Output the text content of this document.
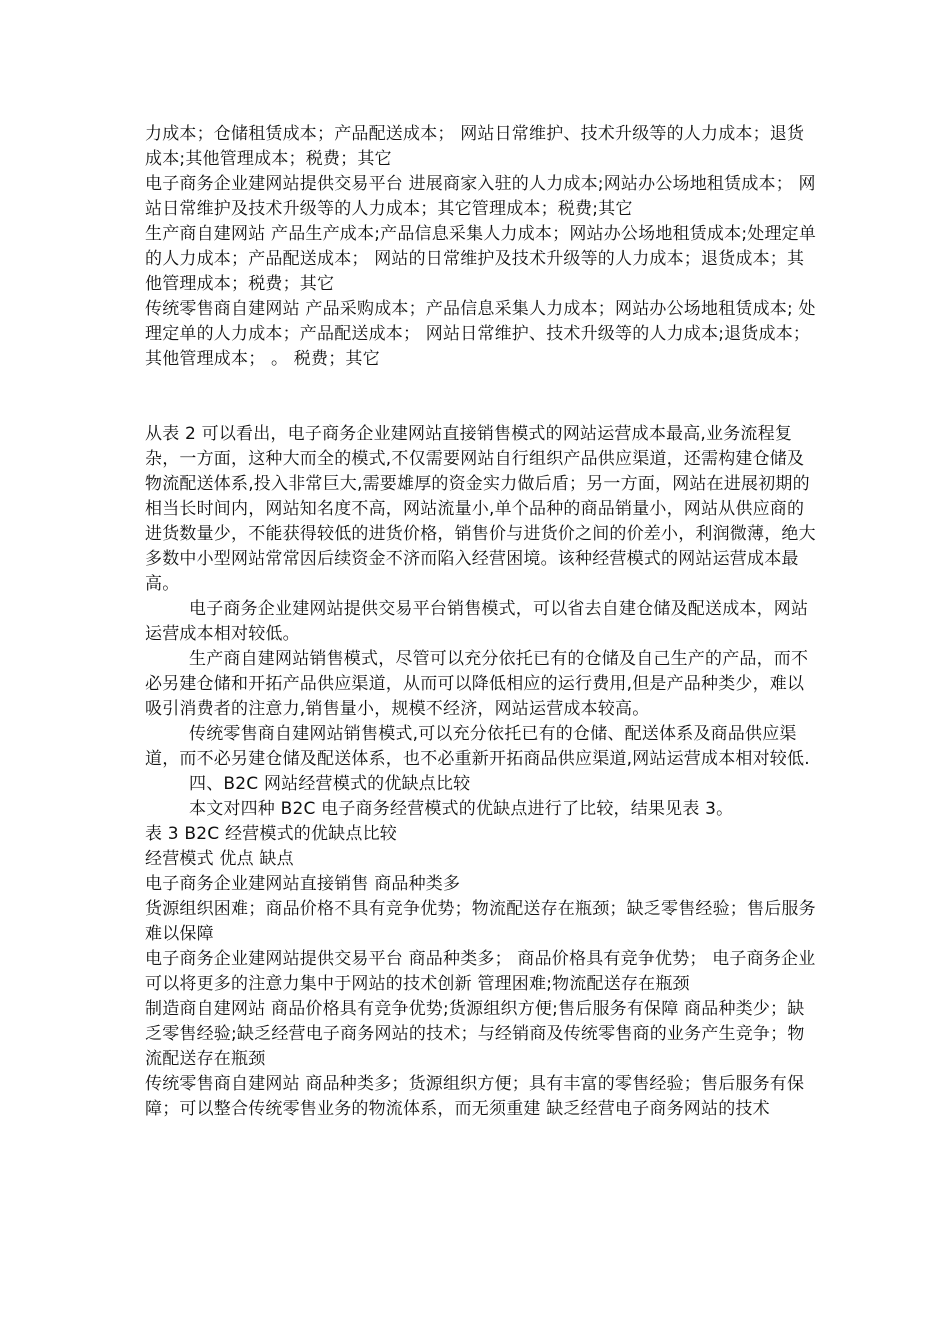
力成本；仓储租赁成本；产品配送成本； 网站日常维护、技术升级等的人力成本；退货成本;其他管理成本；税费；其它

电子商务企业建网站提供交易平台 进展商家入驻的人力成本;网站办公场地租赁成本； 网站日常维护及技术升级等的人力成本；其它管理成本；税费;其它

生产商自建网站 产品生产成本;产品信息采集人力成本；网站办公场地租赁成本;处理定单的人力成本；产品配送成本； 网站的日常维护及技术升级等的人力成本；退货成本；其他管理成本；税费；其它

传统零售商自建网站 产品采购成本；产品信息采集人力成本；网站办公场地租赁成本; 处理定单的人力成本；产品配送成本； 网站日常维护、技术升级等的人力成本;退货成本；其他管理成本； 。 税费；其它

从表 2 可以看出，电子商务企业建网站直接销售模式的网站运营成本最高,业务流程复杂，一方面，这种大而全的模式,不仅需要网站自行组织产品供应渠道，还需构建仓储及物流配送体系,投入非常巨大,需要雄厚的资金实力做后盾；另一方面，网站在进展初期的相当长时间内，网站知名度不高，网站流量小,单个品种的商品销量小，网站从供应商的进货数量少，不能获得较低的进货价格，销售价与进货价之间的价差小，利润微薄，绝大多数中小型网站常常因后续资金不济而陷入经营困境。该种经营模式的网站运营成本最高。

电子商务企业建网站提供交易平台销售模式，可以省去自建仓储及配送成本，网站运营成本相对较低。

生产商自建网站销售模式，尽管可以充分依托已有的仓储及自己生产的产品，而不必另建仓储和开拓产品供应渠道，从而可以降低相应的运行费用,但是产品种类少，难以吸引消费者的注意力,销售量小，规模不经济，网站运营成本较高。

传统零售商自建网站销售模式,可以充分依托已有的仓储、配送体系及商品供应渠道，而不必另建仓储及配送体系，也不必重新开拓商品供应渠道,网站运营成本相对较低.

四、B2C 网站经营模式的优缺点比较

本文对四种 B2C 电子商务经营模式的优缺点进行了比较，结果见表 3。

表 3 B2C 经营模式的优缺点比较

经营模式 优点 缺点

电子商务企业建网站直接销售 商品种类多

货源组织困难；商品价格不具有竞争优势；物流配送存在瓶颈；缺乏零售经验；售后服务难以保障

电子商务企业建网站提供交易平台 商品种类多； 商品价格具有竞争优势； 电子商务企业可以将更多的注意力集中于网站的技术创新 管理困难;物流配送存在瓶颈

制造商自建网站 商品价格具有竞争优势;货源组织方便;售后服务有保障 商品种类少；缺乏零售经验;缺乏经营电子商务网站的技术；与经销商及传统零售商的业务产生竞争；物流配送存在瓶颈

传统零售商自建网站 商品种类多；货源组织方便；具有丰富的零售经验；售后服务有保障；可以整合传统零售业务的物流体系，而无须重建 缺乏经营电子商务网站的技术
